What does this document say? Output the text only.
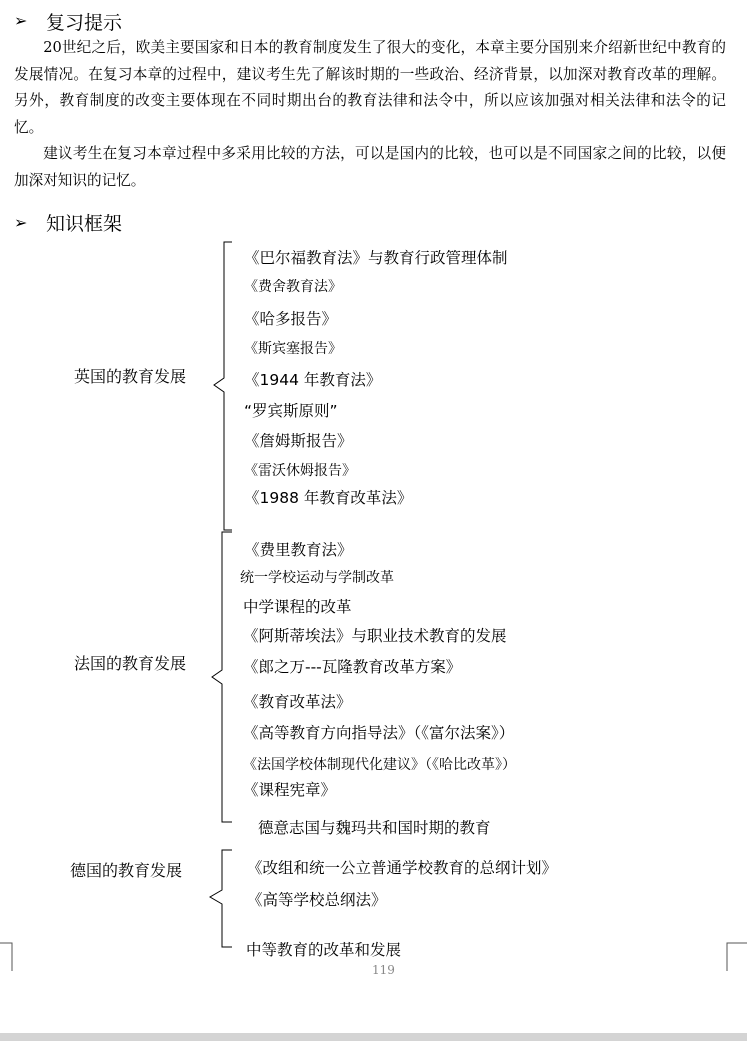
➢ 复习提示
20世纪之后，欧美主要国家和日本的教育制度发生了很大的变化，本章主要分国别来介绍新世纪中教育的发展情况。在复习本章的过程中，建议考生先了解该时期的一些政治、经济背景，以加深对教育改革的理解。另外，教育制度的改变主要体现在不同时期出台的教育法律和法令中，所以应该加强对相关法律和法令的记忆。
建议考生在复习本章过程中多采用比较的方法，可以是国内的比较，也可以是不同国家之间的比较，以便加深对知识的记忆。
➢ 知识框架
英国的教育发展
《巴尔福教育法》与教育行政管理体制
《费舍教育法》
《哈多报告》
《斯宾塞报告》
《1944 年教育法》
“罗宾斯原则”
《詹姆斯报告》
《雷沃休姆报告》
《1988 年教育改革法》
法国的教育发展
《费里教育法》
统一学校运动与学制改革
中学课程的改革
《阿斯蒂埃法》与职业技术教育的发展
《郎之万---瓦隆教育改革方案》
《教育改革法》
《高等教育方向指导法》（《富尔法案》）
《法国学校体制现代化建议》（《哈比改革》）
《课程宪章》
德意志国与魏玛共和国时期的教育
德国的教育发展	《改组和统一公立普通学校教育的总纲计划》
《高等学校总纲法》
中等教育的改革和发展
119
